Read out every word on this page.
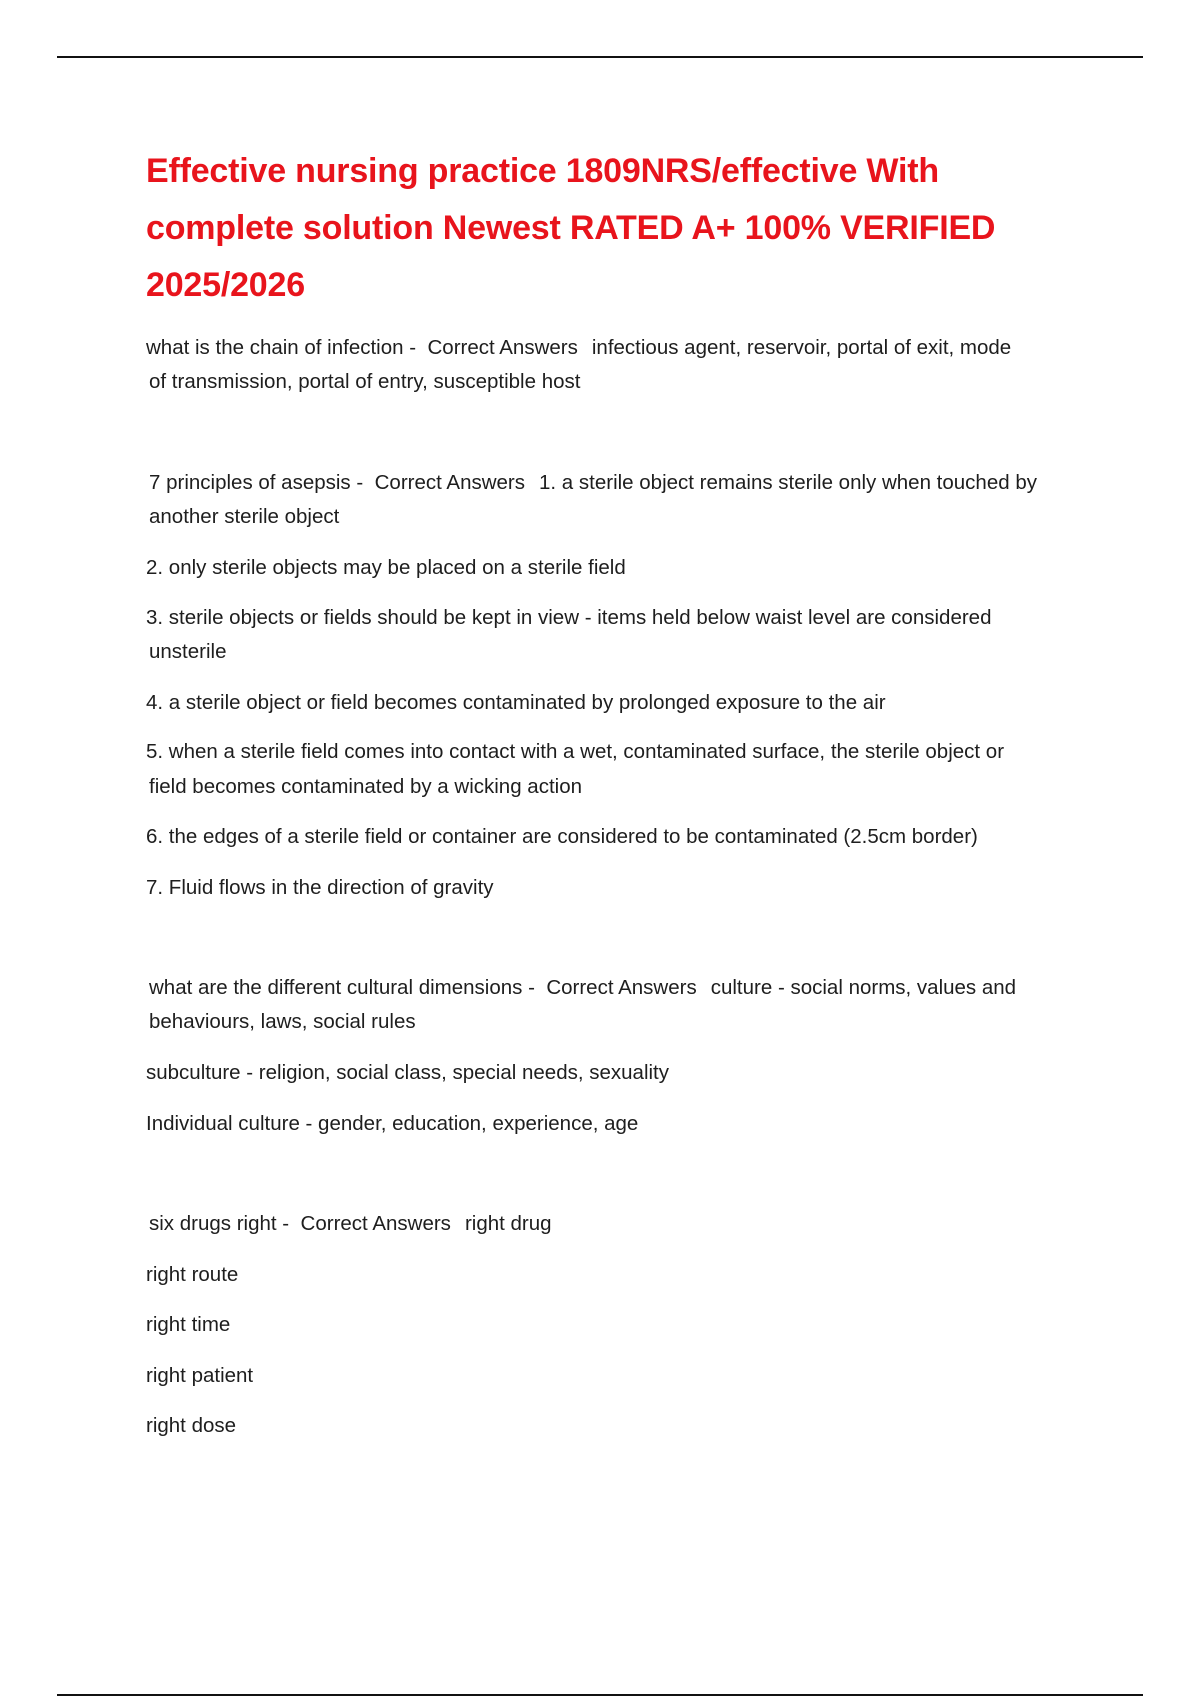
Effective nursing practice 1809NRS/effective With complete solution Newest RATED A+ 100% VERIFIED 2025/2026
what is the chain of infection - Correct Answers infectious agent, reservoir, portal of exit, mode
of transmission, portal of entry, susceptible host
7 principles of asepsis - Correct Answers 1. a sterile object remains sterile only when touched by
another sterile object
2. only sterile objects may be placed on a sterile field
3. sterile objects or fields should be kept in view - items held below waist level are considered
unsterile
4. a sterile object or field becomes contaminated by prolonged exposure to the air
5. when a sterile field comes into contact with a wet, contaminated surface, the sterile object or
field becomes contaminated by a wicking action
6. the edges of a sterile field or container are considered to be contaminated (2.5cm border)
7. Fluid flows in the direction of gravity
what are the different cultural dimensions - Correct Answers culture - social norms, values and
behaviours, laws, social rules
subculture - religion, social class, special needs, sexuality
Individual culture - gender, education, experience, age
six drugs right - Correct Answers right drug
right route
right time
right patient
right dose
